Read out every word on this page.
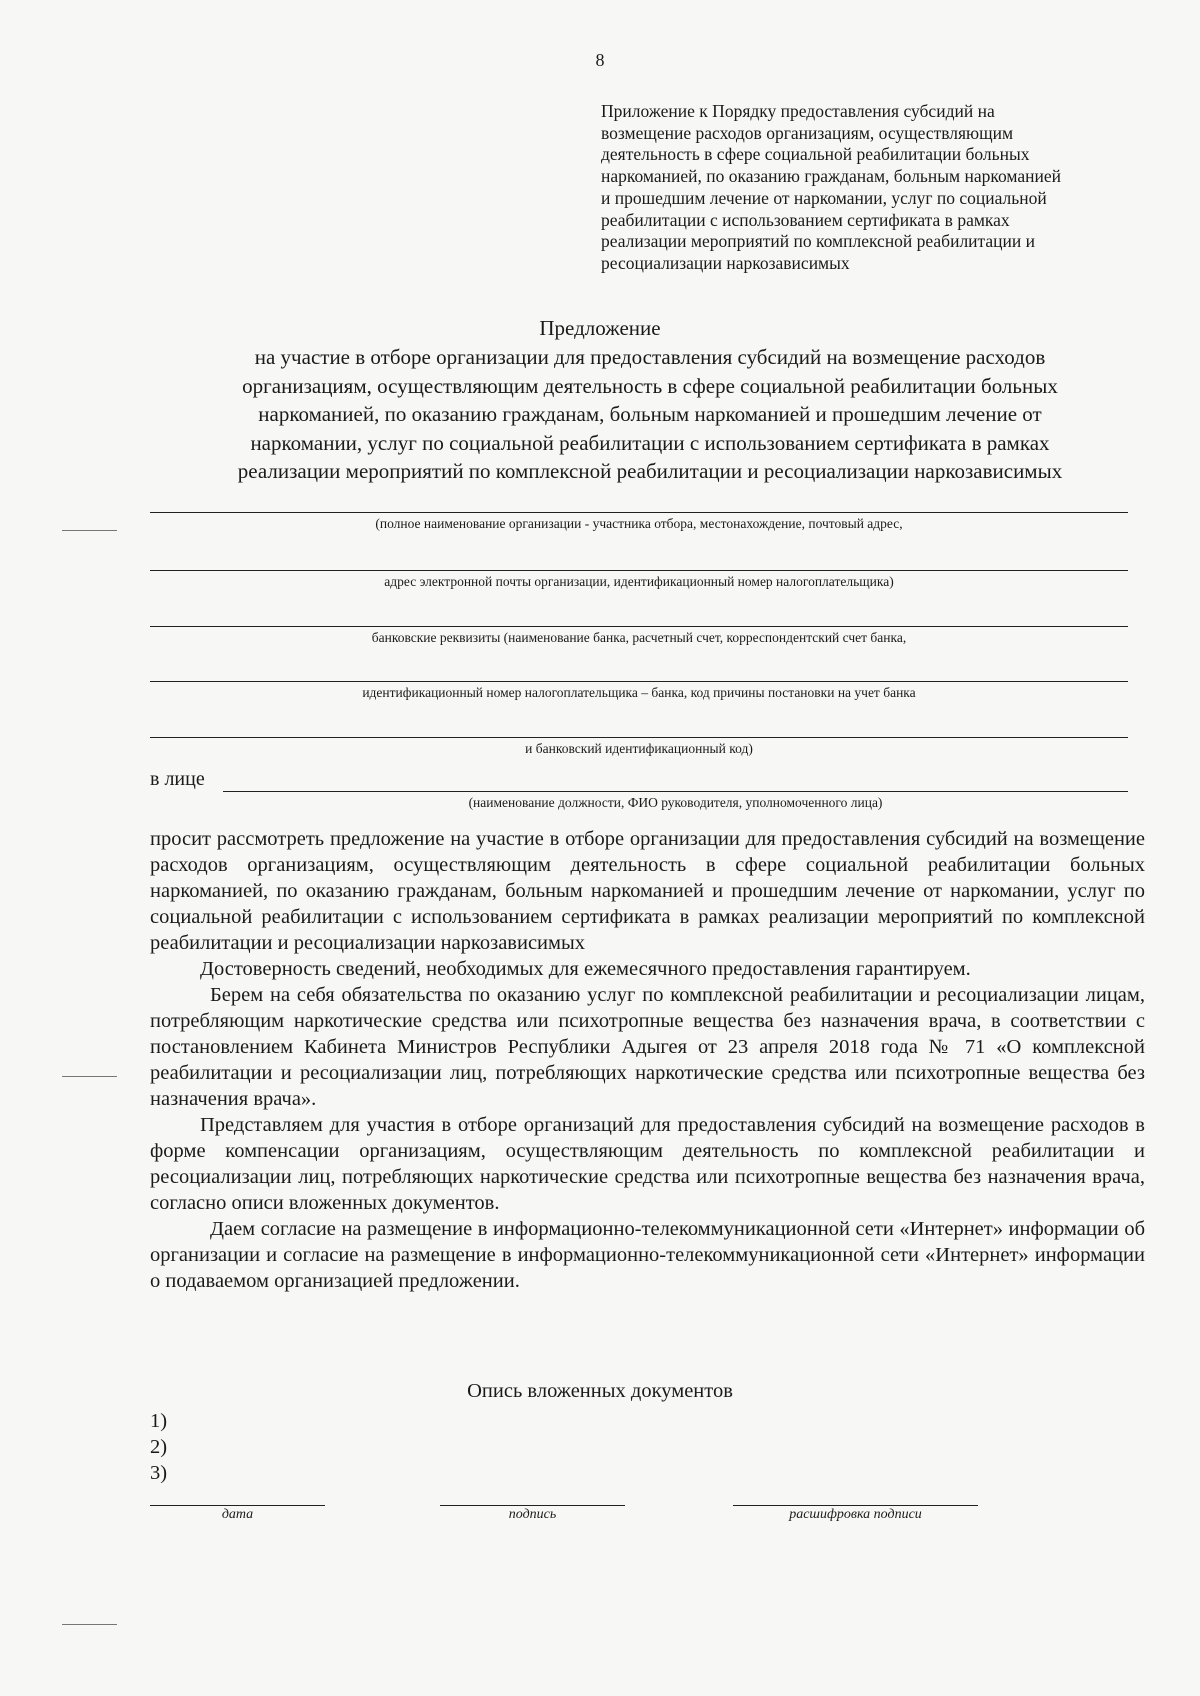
8
Приложение к Порядку предоставления субсидий на
возмещение расходов организациям, осуществляющим
деятельность в сфере социальной реабилитации больных
наркоманией, по оказанию гражданам, больным наркоманией
и прошедшим лечение от наркомании, услуг по социальной
реабилитации с использованием сертификата в рамках
реализации мероприятий по комплексной реабилитации и
ресоциализации наркозависимых
Предложение
на участие в отборе организации для предоставления субсидий на возмещение расходов
организациям, осуществляющим деятельность в сфере социальной реабилитации больных
наркоманией, по оказанию гражданам, больным наркоманией и прошедшим лечение от
наркомании, услуг по социальной реабилитации с использованием сертификата в рамках
реализации мероприятий по комплексной реабилитации и ресоциализации наркозависимых
(полное наименование организации - участника отбора, местонахождение, почтовый адрес,
адрес электронной почты организации, идентификационный номер налогоплательщика)
банковские реквизиты (наименование банка, расчетный счет, корреспондентский счет банка,
идентификационный номер налогоплательщика – банка, код причины постановки на учет банка
и банковский идентификационный код)
в лице
(наименование должности, ФИО руководителя, уполномоченного лица)

просит рассмотреть предложение на участие в отборе организации для предоставления субсидий на возмещение расходов организациям, осуществляющим деятельность в сфере социальной реабилитации больных наркоманией, по оказанию гражданам, больным наркоманией и прошедшим лечение от наркомании, услуг по социальной реабилитации с использованием сертификата в рамках реализации мероприятий по комплексной реабилитации и ресоциализации наркозависимых

Достоверность сведений, необходимых для ежемесячного предоставления гарантируем.

Берем на себя обязательства по оказанию услуг по комплексной реабилитации и ресоциализации лицам, потребляющим наркотические средства или психотропные вещества без назначения врача, в соответствии с постановлением Кабинета Министров Республики Адыгея от 23 апреля 2018 года № 71 «О комплексной реабилитации и ресоциализации лиц, потребляющих наркотические средства или психотропные вещества без назначения врача».

Представляем для участия в отборе организаций для предоставления субсидий на возмещение расходов в форме компенсации организациям, осуществляющим деятельность по комплексной реабилитации и ресоциализации лиц, потребляющих наркотические средства или психотропные вещества без назначения врача, согласно описи вложенных документов.

Даем согласие на размещение в информационно-телекоммуникационной сети «Интернет» информации об организации и согласие на размещение в информационно-телекоммуникационной сети «Интернет» информации о подаваемом организацией предложении.

Опись вложенных документов
1)
2)
3)
дата	подпись	расшифровка подписи
